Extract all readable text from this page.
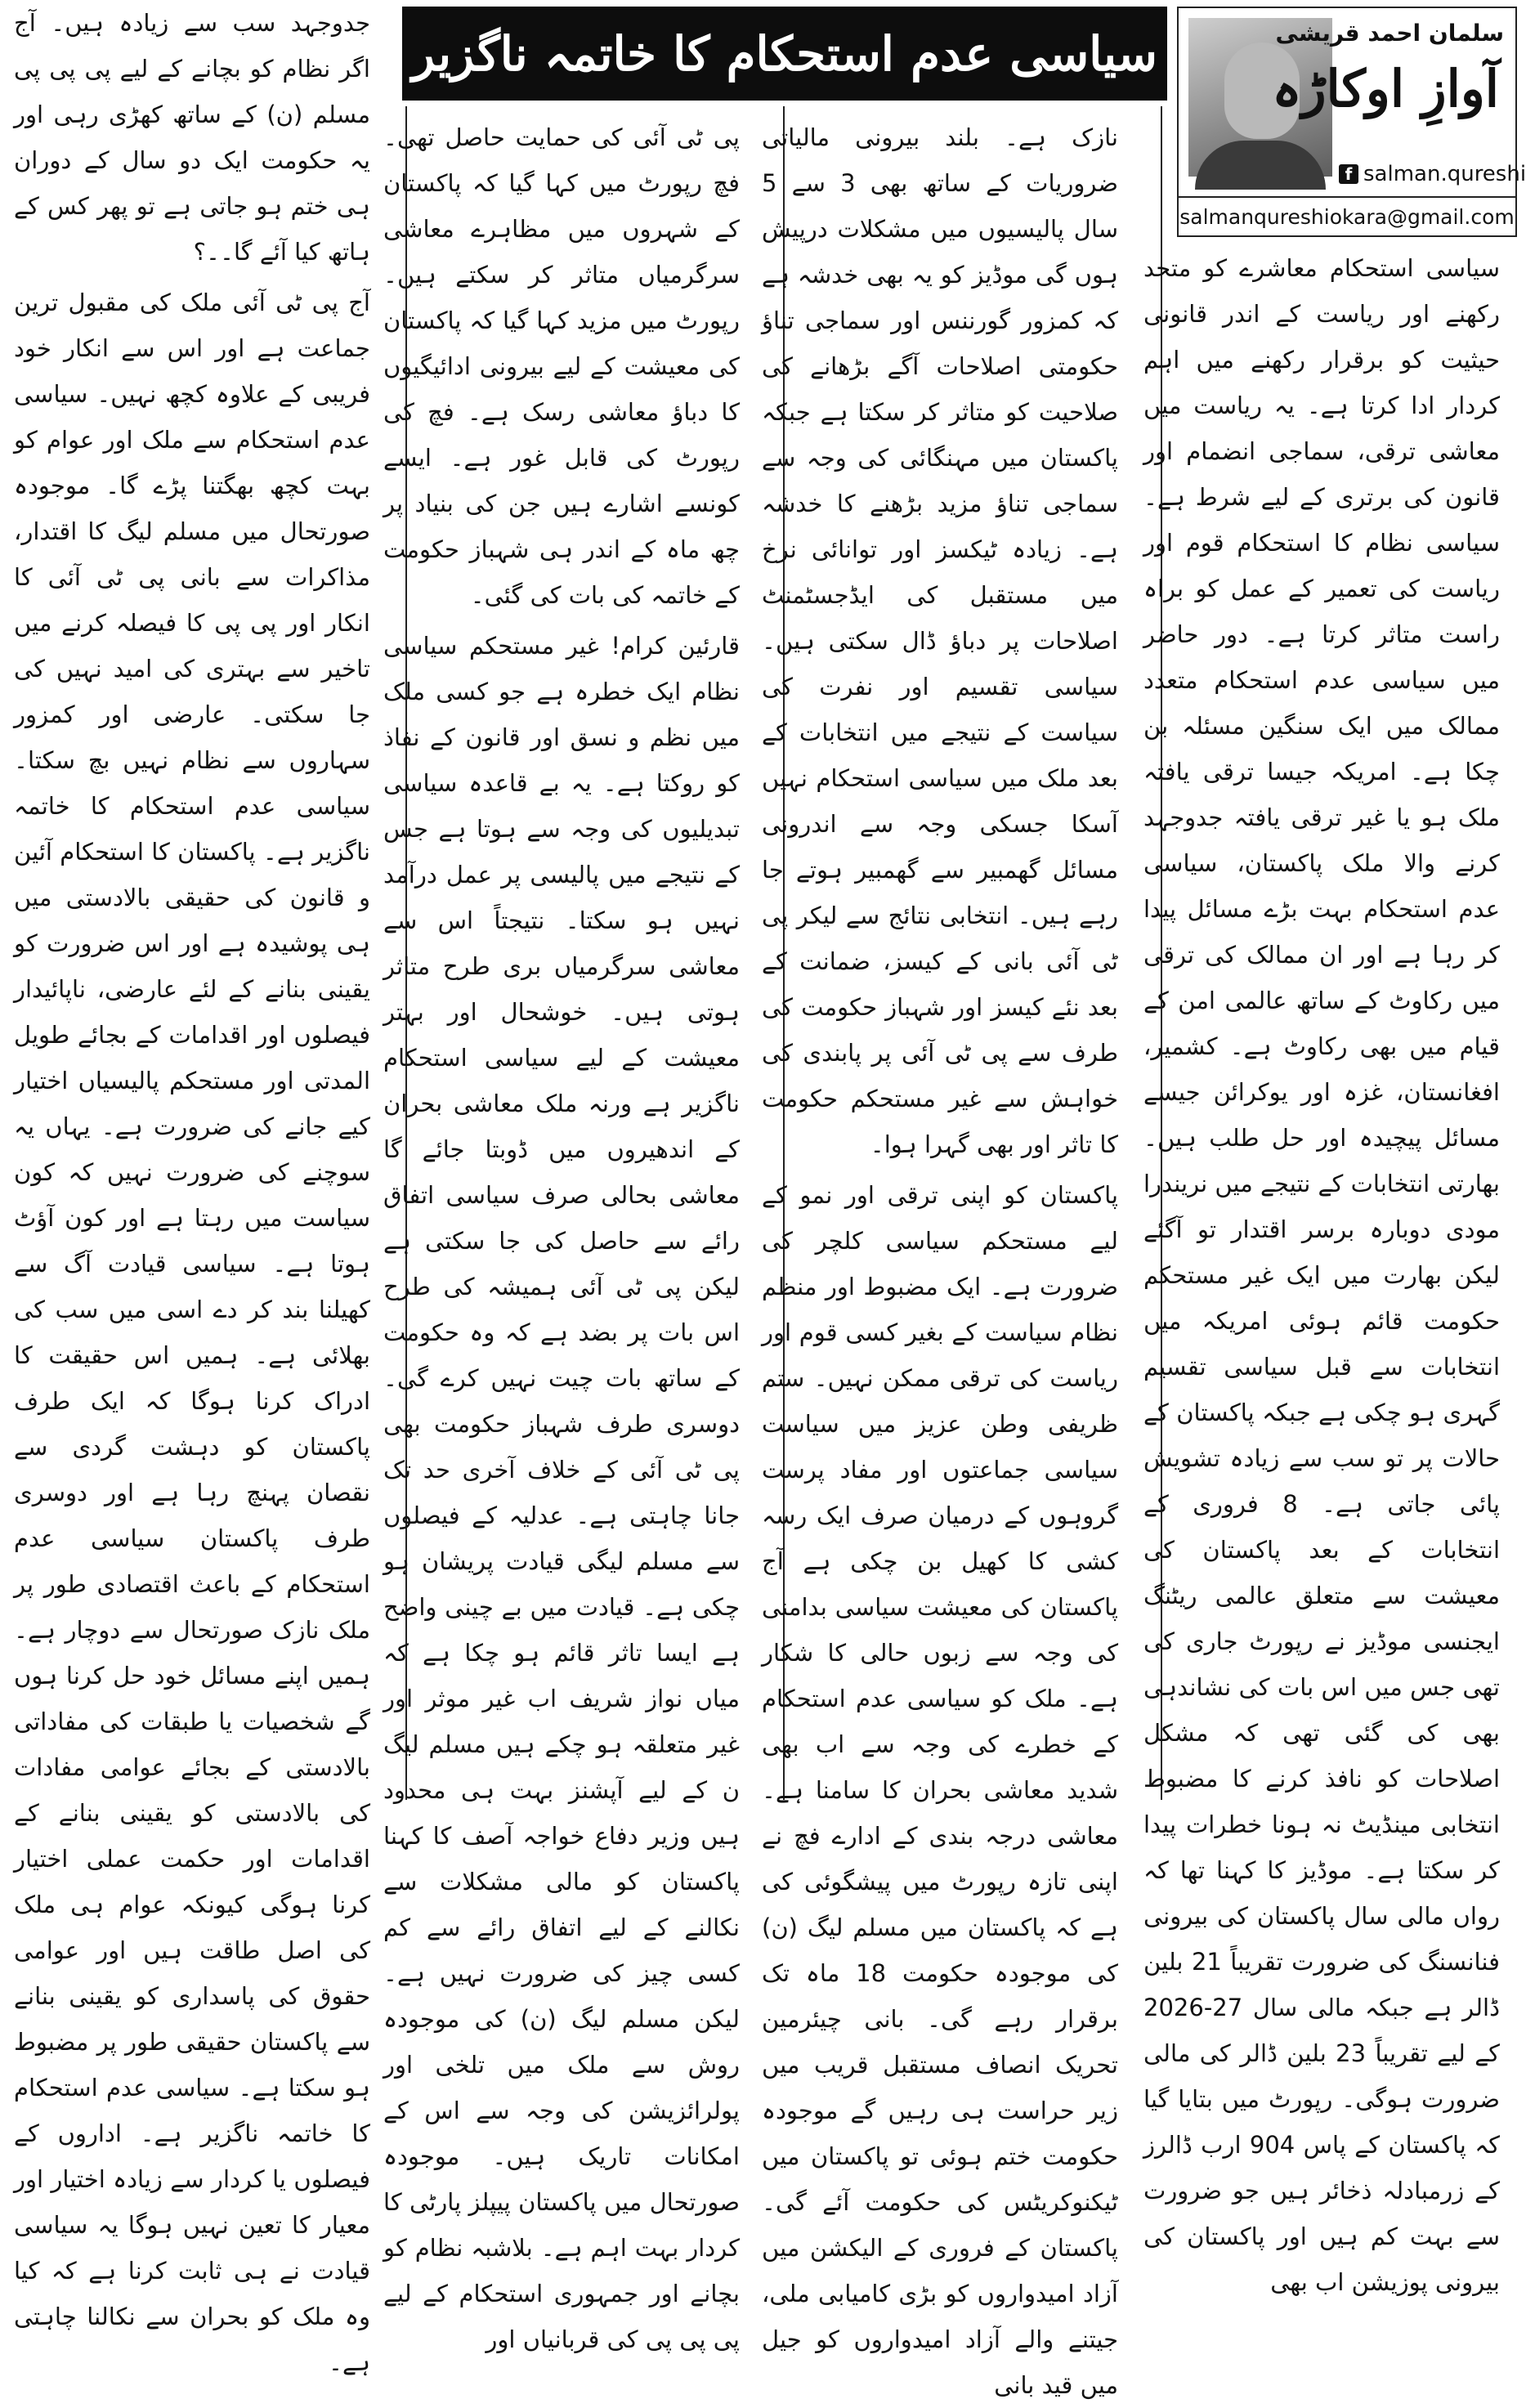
سیاسی عدم استحکام کا خاتمہ ناگزیر	سلمان احمد قریشی
آوازِ اوکاڑہ
f salman.qureshi
salmanqureshiokara@gmail.com

سیاسی استحکام معاشرے کو متحد رکھنے اور ریاست کے اندر قانونی حیثیت کو برقرار رکھنے میں اہم کردار ادا کرتا ہے۔ یہ ریاست میں معاشی ترقی، سماجی انضمام اور قانون کی برتری کے لیے شرط ہے۔ سیاسی نظام کا استحکام قوم اور ریاست کی تعمیر کے عمل کو براہ راست متاثر کرتا ہے۔ دور حاضر میں سیاسی عدم استحکام متعدد ممالک میں ایک سنگین مسئلہ بن چکا ہے۔ امریکہ جیسا ترقی یافتہ ملک ہو یا غیر ترقی یافتہ جدوجہد کرنے والا ملک پاکستان، سیاسی عدم استحکام بہت بڑے مسائل پیدا کر رہا ہے اور ان ممالک کی ترقی میں رکاوٹ کے ساتھ عالمی امن کے قیام میں بھی رکاوٹ ہے۔ کشمیر، افغانستان، غزہ اور یوکرائن جیسے مسائل پیچیدہ اور حل طلب ہیں۔ بھارتی انتخابات کے نتیجے میں نریندرا مودی دوبارہ برسر اقتدار تو آگئے لیکن بھارت میں ایک غیر مستحکم حکومت قائم ہوئی امریکہ میں انتخابات سے قبل سیاسی تقسیم گہری ہو چکی ہے جبکہ پاکستان کے حالات پر تو سب سے زیادہ تشویش پائی جاتی ہے۔ 8 فروری کے انتخابات کے بعد پاکستان کی معیشت سے متعلق عالمی ریٹنگ ایجنسی موڈیز نے رپورٹ جاری کی تھی جس میں اس بات کی نشاندہی بھی کی گئی تھی کہ مشکل اصلاحات کو نافذ کرنے کا مضبوط انتخابی مینڈیٹ نہ ہونا خطرات پیدا کر سکتا ہے۔ موڈیز کا کہنا تھا کہ رواں مالی سال پاکستان کی بیرونی فنانسنگ کی ضرورت تقریباً 21 بلین ڈالر ہے جبکہ مالی سال 27-2026 کے لیے تقریباً 23 بلین ڈالر کی مالی ضرورت ہوگی۔ رپورٹ میں بتایا گیا کہ پاکستان کے پاس 904 ارب ڈالرز کے زرمبادلہ ذخائر ہیں جو ضرورت سے بہت کم ہیں اور پاکستان کی بیرونی پوزیشن اب بھی

نازک ہے۔ بلند بیرونی مالیاتی ضروریات کے ساتھ بھی 3 سے 5 سال پالیسیوں میں مشکلات درپیش ہوں گی موڈیز کو یہ بھی خدشہ ہے کہ کمزور گورننس اور سماجی تناؤ حکومتی اصلاحات آگے بڑھانے کی صلاحیت کو متاثر کر سکتا ہے جبکہ پاکستان میں مہنگائی کی وجہ سے سماجی تناؤ مزید بڑھنے کا خدشہ ہے۔ زیادہ ٹیکسز اور توانائی نرخ میں مستقبل کی ایڈجسٹمنٹ اصلاحات پر دباؤ ڈال سکتی ہیں۔ سیاسی تقسیم اور نفرت کی سیاست کے نتیجے میں انتخابات کے بعد ملک میں سیاسی استحکام نہیں آسکا جسکی وجہ سے اندرونی مسائل گھمبیر سے گھمبیر ہوتے جا رہے ہیں۔ انتخابی نتائج سے لیکر پی ٹی آئی بانی کے کیسز، ضمانت کے بعد نئے کیسز اور شہباز حکومت کی طرف سے پی ٹی آئی پر پابندی کی خواہش سے غیر مستحکم حکومت کا تاثر اور بھی گہرا ہوا۔

پاکستان کو اپنی ترقی اور نمو کے لیے مستحکم سیاسی کلچر کی ضرورت ہے۔ ایک مضبوط اور منظم نظام سیاست کے بغیر کسی قوم اور ریاست کی ترقی ممکن نہیں۔ ستم ظریفی وطن عزیز میں سیاست سیاسی جماعتوں اور مفاد پرست گروہوں کے درمیان صرف ایک رسہ کشی کا کھیل بن چکی ہے آج پاکستان کی معیشت سیاسی بدامنی کی وجہ سے زبوں حالی کا شکار ہے۔ ملک کو سیاسی عدم استحکام کے خطرے کی وجہ سے اب بھی شدید معاشی بحران کا سامنا ہے۔ معاشی درجہ بندی کے ادارے فچ نے اپنی تازہ رپورٹ میں پیشگوئی کی ہے کہ پاکستان میں مسلم لیگ (ن) کی موجودہ حکومت 18 ماہ تک برقرار رہے گی۔ بانی چیئرمین تحریک انصاف مستقبل قریب میں زیر حراست ہی رہیں گے موجودہ حکومت ختم ہوئی تو پاکستان میں ٹیکنوکریٹس کی حکومت آئے گی۔ پاکستان کے فروری کے الیکشن میں آزاد امیدواروں کو بڑی کامیابی ملی، جیتنے والے آزاد امیدواروں کو جیل میں قید بانی

پی ٹی آئی کی حمایت حاصل تھی۔ فچ رپورٹ میں کہا گیا کہ پاکستان کے شہروں میں مظاہرے معاشی سرگرمیاں متاثر کر سکتے ہیں۔ رپورٹ میں مزید کہا گیا کہ پاکستان کی معیشت کے لیے بیرونی ادائیگیوں کا دباؤ معاشی رسک ہے۔ فچ کی رپورٹ کی قابل غور ہے۔ ایسے کونسے اشارے ہیں جن کی بنیاد پر چھ ماہ کے اندر ہی شہباز حکومت کے خاتمہ کی بات کی گئی۔

قارئین کرام! غیر مستحکم سیاسی نظام ایک خطرہ ہے جو کسی ملک میں نظم و نسق اور قانون کے نفاذ کو روکتا ہے۔ یہ بے قاعدہ سیاسی تبدیلیوں کی وجہ سے ہوتا ہے جس کے نتیجے میں پالیسی پر عمل درآمد نہیں ہو سکتا۔ نتیجتاً اس سے معاشی سرگرمیاں بری طرح متاثر ہوتی ہیں۔ خوشحال اور بہتر معیشت کے لیے سیاسی استحکام ناگزیر ہے ورنہ ملک معاشی بحران کے اندھیروں میں ڈوبتا جائے گا معاشی بحالی صرف سیاسی اتفاق رائے سے حاصل کی جا سکتی ہے لیکن پی ٹی آئی ہمیشہ کی طرح اس بات پر بضد ہے کہ وہ حکومت کے ساتھ بات چیت نہیں کرے گی۔ دوسری طرف شہباز حکومت بھی پی ٹی آئی کے خلاف آخری حد تک جانا چاہتی ہے۔ عدلیہ کے فیصلوں سے مسلم لیگی قیادت پریشان ہو چکی ہے۔ قیادت میں بے چینی واضح ہے ایسا تاثر قائم ہو چکا ہے کہ میاں نواز شریف اب غیر موثر اور غیر متعلقہ ہو چکے ہیں مسلم لیگ ن کے لیے آپشنز بہت ہی محدود ہیں وزیر دفاع خواجہ آصف کا کہنا پاکستان کو مالی مشکلات سے نکالنے کے لیے اتفاق رائے سے کم کسی چیز کی ضرورت نہیں ہے۔ لیکن مسلم لیگ (ن) کی موجودہ روش سے ملک میں تلخی اور پولرائزیشن کی وجہ سے اس کے امکانات تاریک ہیں۔ موجودہ صورتحال میں پاکستان پیپلز پارٹی کا کردار بہت اہم ہے۔ بلاشبہ نظام کو بچانے اور جمہوری استحکام کے لیے پی پی پی کی قربانیاں اور

جدوجہد سب سے زیادہ ہیں۔ آج اگر نظام کو بچانے کے لیے پی پی پی مسلم (ن) کے ساتھ کھڑی رہی اور یہ حکومت ایک دو سال کے دوران ہی ختم ہو جاتی ہے تو پھر کس کے ہاتھ کیا آئے گا۔۔؟

آج پی ٹی آئی ملک کی مقبول ترین جماعت ہے اور اس سے انکار خود فریبی کے علاوہ کچھ نہیں۔ سیاسی عدم استحکام سے ملک اور عوام کو بہت کچھ بھگتنا پڑے گا۔ موجودہ صورتحال میں مسلم لیگ کا اقتدار، مذاکرات سے بانی پی ٹی آئی کا انکار اور پی پی کا فیصلہ کرنے میں تاخیر سے بہتری کی امید نہیں کی جا سکتی۔ عارضی اور کمزور سہاروں سے نظام نہیں بچ سکتا۔ سیاسی عدم استحکام کا خاتمہ ناگزیر ہے۔ پاکستان کا استحکام آئین و قانون کی حقیقی بالادستی میں ہی پوشیدہ ہے اور اس ضرورت کو یقینی بنانے کے لئے عارضی، ناپائیدار فیصلوں اور اقدامات کے بجائے طویل المدتی اور مستحکم پالیسیاں اختیار کیے جانے کی ضرورت ہے۔ یہاں یہ سوچنے کی ضرورت نہیں کہ کون سیاست میں رہتا ہے اور کون آؤٹ ہوتا ہے۔ سیاسی قیادت آگ سے کھیلنا بند کر دے اسی میں سب کی بھلائی ہے۔ ہمیں اس حقیقت کا ادراک کرنا ہوگا کہ ایک طرف پاکستان کو دہشت گردی سے نقصان پہنچ رہا ہے اور دوسری طرف پاکستان سیاسی عدم استحکام کے باعث اقتصادی طور پر ملک نازک صورتحال سے دوچار ہے۔ ہمیں اپنے مسائل خود حل کرنا ہوں گے شخصیات یا طبقات کی مفاداتی بالادستی کے بجائے عوامی مفادات کی بالادستی کو یقینی بنانے کے اقدامات اور حکمت عملی اختیار کرنا ہوگی کیونکہ عوام ہی ملک کی اصل طاقت ہیں اور عوامی حقوق کی پاسداری کو یقینی بنانے سے پاکستان حقیقی طور پر مضبوط ہو سکتا ہے۔ سیاسی عدم استحکام کا خاتمہ ناگزیر ہے۔ اداروں کے فیصلوں یا کردار سے زیادہ اختیار اور معیار کا تعین نہیں ہوگا یہ سیاسی قیادت نے ہی ثابت کرنا ہے کہ کیا وہ ملک کو بحران سے نکالنا چاہتی ہے۔
